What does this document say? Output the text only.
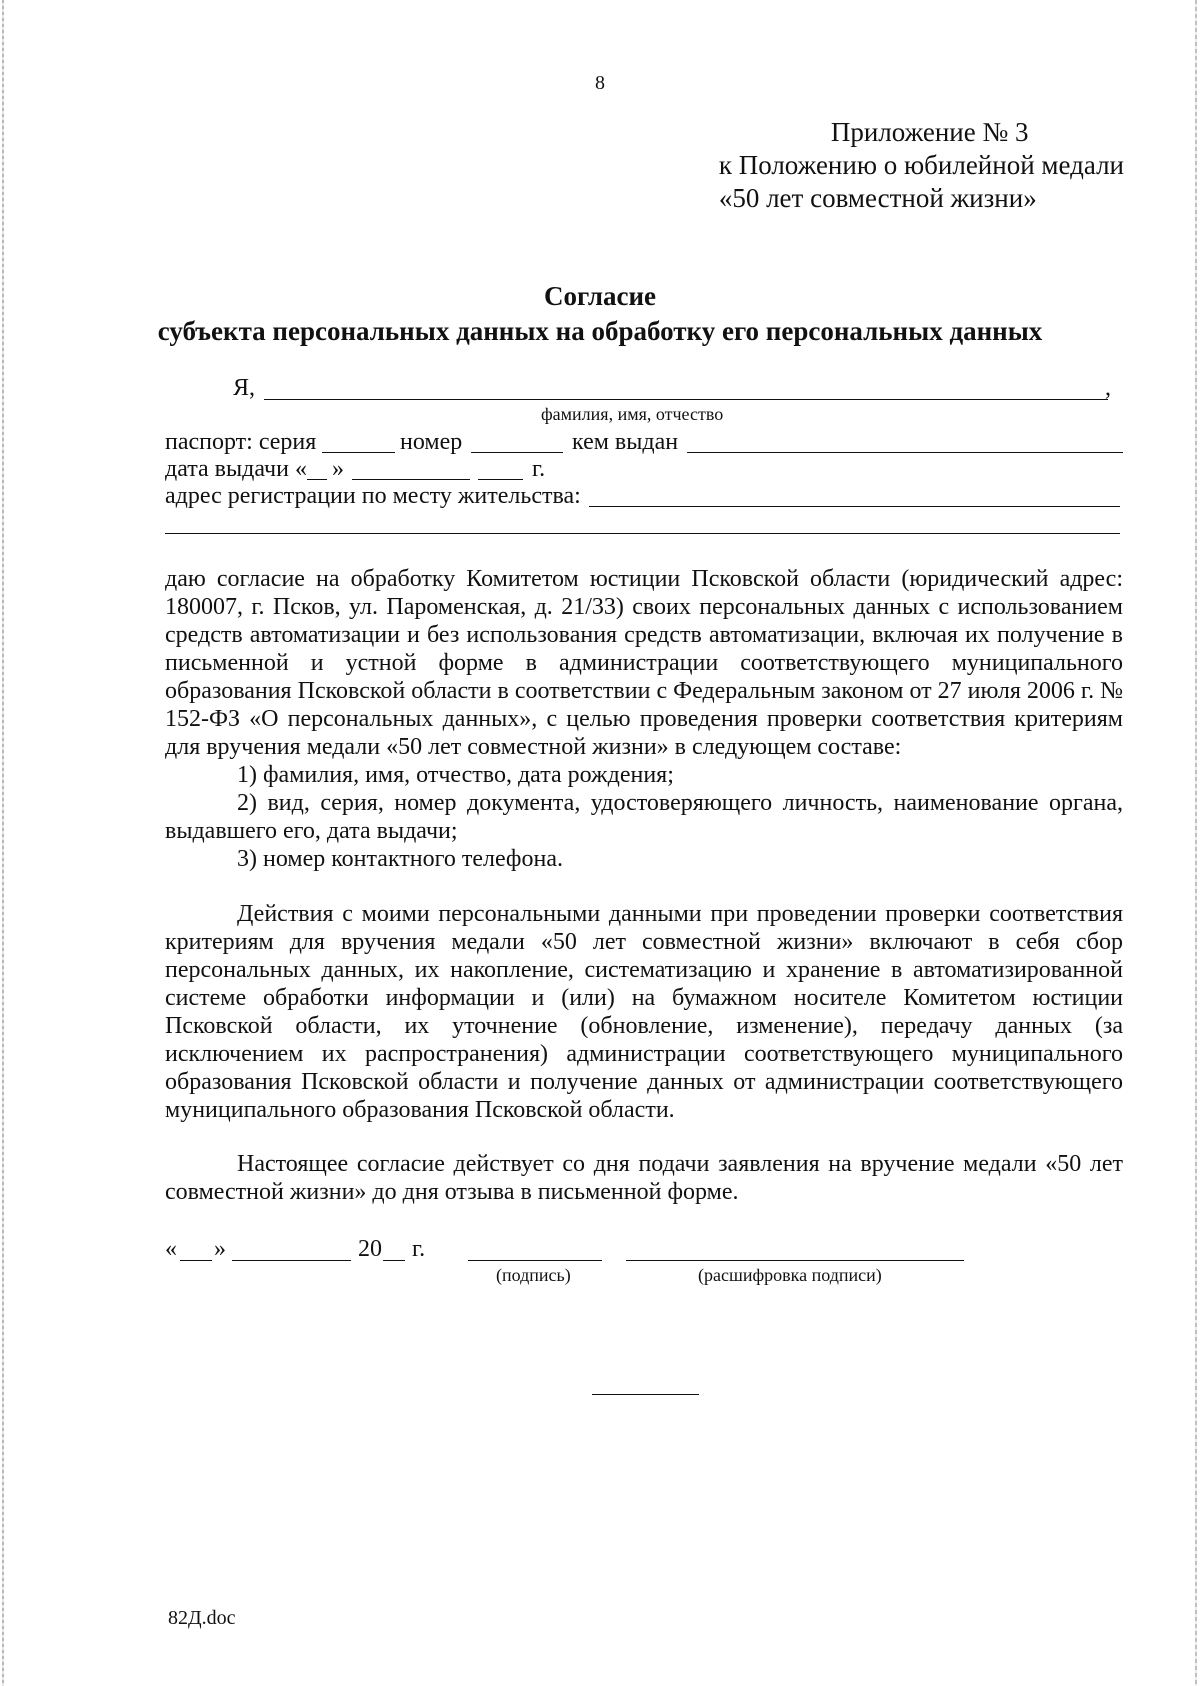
8
Приложение № 3
к Положению о юбилейной медали
«50 лет совместной жизни»
Согласие
субъекта персональных данных на обработку его персональных данных
Я,	,
фамилия, имя, отчество
паспорт: серия	номер	кем выдан
дата выдачи « »	г.
адрес регистрации по месту жительства:

даю согласие на обработку Комитетом юстиции Псковской области (юридический адрес: 180007, г. Псков, ул. Пароменская, д. 21/33) своих персональных данных с использованием средств автоматизации и без использования средств автоматизации, включая их получение в письменной и устной форме в администрации соответствующего муниципального образования Псковской области в соответствии с Федеральным законом от 27 июля 2006 г. № 152-ФЗ «О персональных данных», с целью проведения проверки соответствия критериям для вручения медали «50 лет совместной жизни» в следующем составе:

1) фамилия, имя, отчество, дата рождения;

2) вид, серия, номер документа, удостоверяющего личность, наименование органа, выдавшего его, дата выдачи;

3) номер контактного телефона.

Действия с моими персональными данными при проведении проверки соответствия критериям для вручения медали «50 лет совместной жизни» включают в себя сбор персональных данных, их накопление, систематизацию и хранение в автоматизированной системе обработки информации и (или) на бумажном носителе Комитетом юстиции Псковской области, их уточнение (обновление, изменение), передачу данных (за исключением их распространения) администрации соответствующего муниципального образования Псковской области и получение данных от администрации соответствующего муниципального образования Псковской области.

Настоящее согласие действует со дня подачи заявления на вручение медали «50 лет совместной жизни» до дня отзыва в письменной форме.

« »	20 г.
(подпись)	(расшифровка подписи)
82Д.doc
